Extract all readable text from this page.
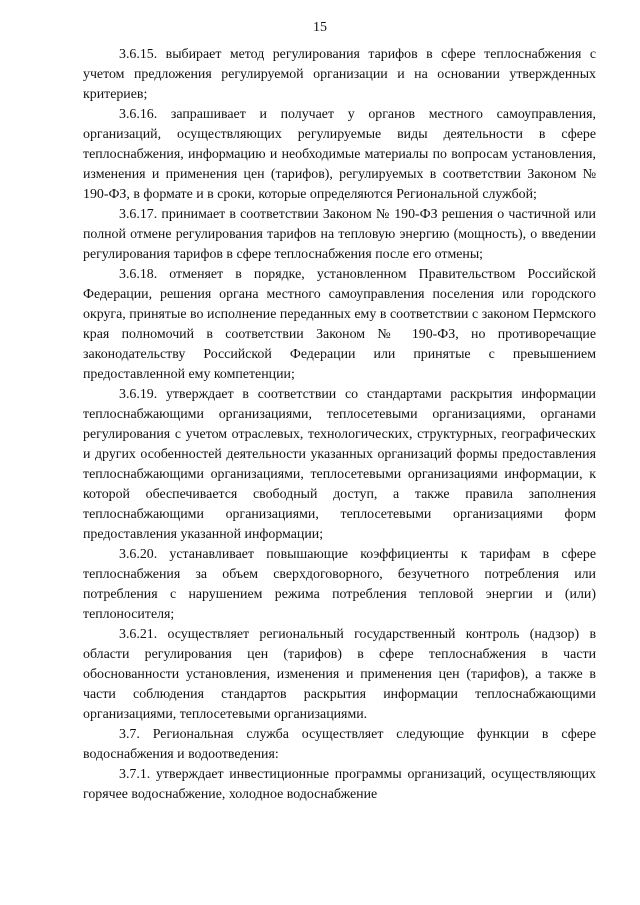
15

3.6.15. выбирает метод регулирования тарифов в сфере теплоснабжения с учетом предложения регулируемой организации и на основании утвержденных критериев;

3.6.16. запрашивает и получает у органов местного самоуправления, организаций, осуществляющих регулируемые виды деятельности в сфере теплоснабжения, информацию и необходимые материалы по вопросам установления, изменения и применения цен (тарифов), регулируемых в соответствии Законом № 190-ФЗ, в формате и в сроки, которые определяются Региональной службой;

3.6.17. принимает в соответствии Законом № 190-ФЗ решения о частичной или полной отмене регулирования тарифов на тепловую энергию (мощность), о введении регулирования тарифов в сфере теплоснабжения после его отмены;

3.6.18. отменяет в порядке, установленном Правительством Российской Федерации, решения органа местного самоуправления поселения или городского округа, принятые во исполнение переданных ему в соответствии с законом Пермского края полномочий в соответствии Законом № 190-ФЗ, но противоречащие законодательству Российской Федерации или принятые с превышением предоставленной ему компетенции;

3.6.19. утверждает в соответствии со стандартами раскрытия информации теплоснабжающими организациями, теплосетевыми организациями, органами регулирования с учетом отраслевых, технологических, структурных, географических и других особенностей деятельности указанных организаций формы предоставления теплоснабжающими организациями, теплосетевыми организациями информации, к которой обеспечивается свободный доступ, а также правила заполнения теплоснабжающими организациями, теплосетевыми организациями форм предоставления указанной информации;

3.6.20. устанавливает повышающие коэффициенты к тарифам в сфере теплоснабжения за объем сверхдоговорного, безучетного потребления или потребления с нарушением режима потребления тепловой энергии и (или) теплоносителя;

3.6.21. осуществляет региональный государственный контроль (надзор) в области регулирования цен (тарифов) в сфере теплоснабжения в части обоснованности установления, изменения и применения цен (тарифов), а также в части соблюдения стандартов раскрытия информации теплоснабжающими организациями, теплосетевыми организациями.

3.7. Региональная служба осуществляет следующие функции в сфере водоснабжения и водоотведения:

3.7.1. утверждает инвестиционные программы организаций, осуществляющих горячее водоснабжение, холодное водоснабжение
